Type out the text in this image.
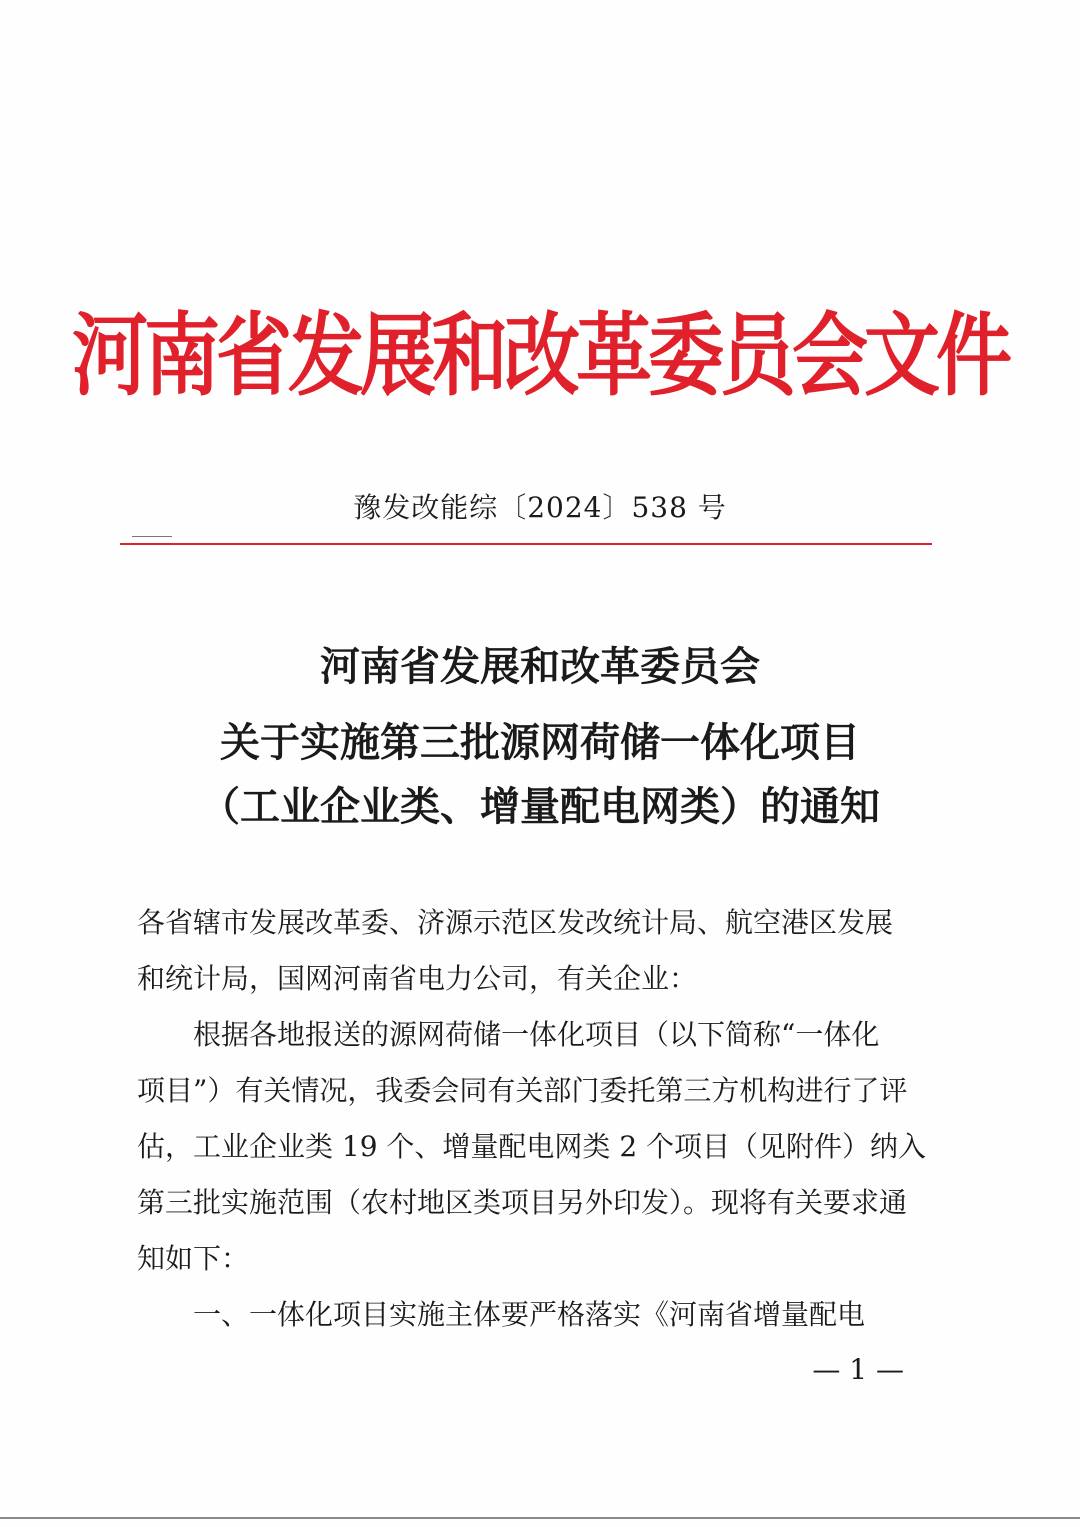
河南省发展和改革委员会文件
豫发改能综〔2024〕538 号
河南省发展和改革委员会
关于实施第三批源网荷储一体化项目
（工业企业类、增量配电网类）的通知
各省辖市发展改革委、济源示范区发改统计局、航空港区发展
和统计局，国网河南省电力公司，有关企业：
　　根据各地报送的源网荷储一体化项目（以下简称“一体化
项目”）有关情况，我委会同有关部门委托第三方机构进行了评
估，工业企业类 19 个、增量配电网类 2 个项目（见附件）纳入
第三批实施范围（农村地区类项目另外印发）。现将有关要求通
知如下：
　　一、一体化项目实施主体要严格落实《河南省增量配电
— 1 —
